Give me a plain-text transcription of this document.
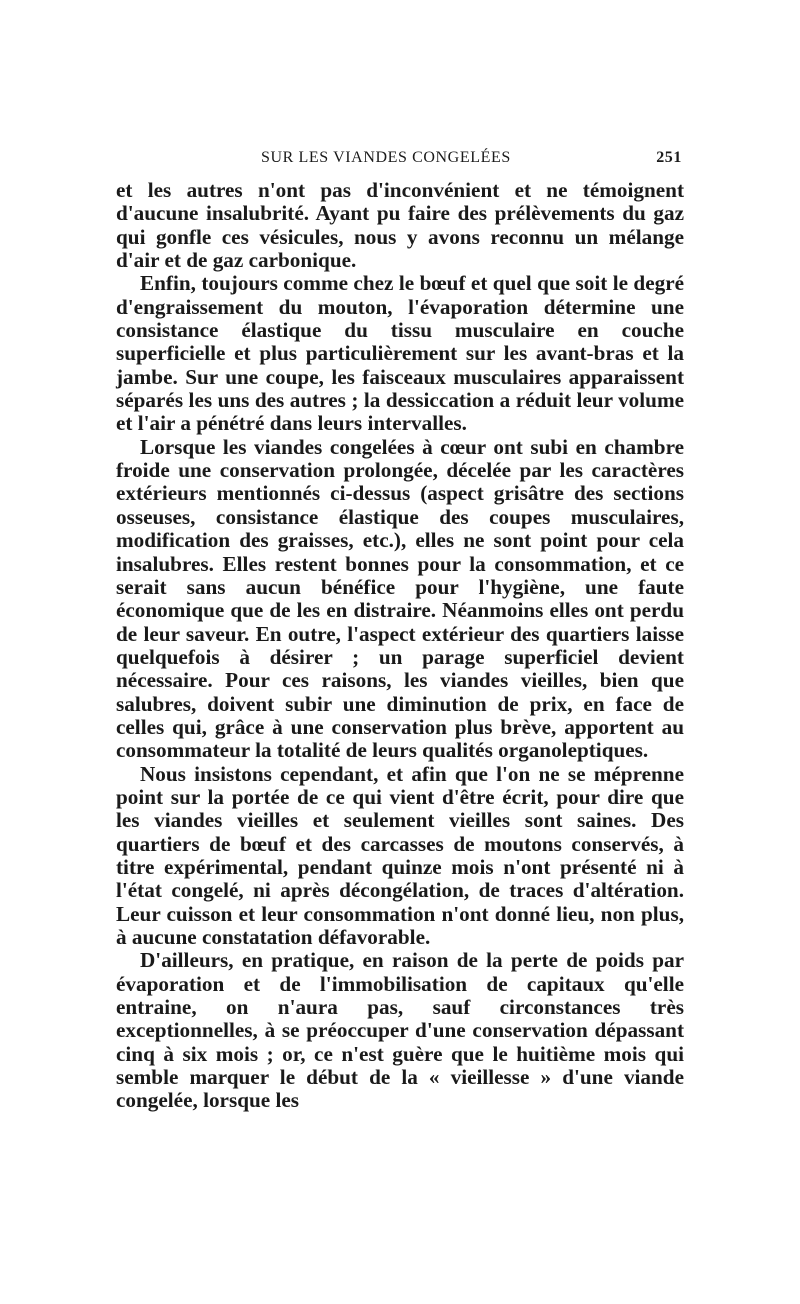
SUR LES VIANDES CONGELÉES	251

et les autres n'ont pas d'inconvénient et ne témoignent d'aucune insalubrité. Ayant pu faire des prélèvements du gaz qui gonfle ces vésicules, nous y avons reconnu un mélange d'air et de gaz carbonique.

Enfin, toujours comme chez le bœuf et quel que soit le degré d'engraissement du mouton, l'évaporation détermine une consistance élastique du tissu musculaire en couche superficielle et plus particulièrement sur les avant-bras et la jambe. Sur une coupe, les faisceaux musculaires apparaissent séparés les uns des autres ; la dessiccation a réduit leur volume et l'air a pénétré dans leurs intervalles.

Lorsque les viandes congelées à cœur ont subi en chambre froide une conservation prolongée, décelée par les caractères extérieurs mentionnés ci-dessus (aspect grisâtre des sections osseuses, consistance élastique des coupes musculaires, modification des graisses, etc.), elles ne sont point pour cela insalubres. Elles restent bonnes pour la consommation, et ce serait sans aucun bénéfice pour l'hygiène, une faute économique que de les en distraire. Néanmoins elles ont perdu de leur saveur. En outre, l'aspect extérieur des quartiers laisse quelquefois à désirer ; un parage superficiel devient nécessaire. Pour ces raisons, les viandes vieilles, bien que salubres, doivent subir une diminution de prix, en face de celles qui, grâce à une conservation plus brève, apportent au consommateur la totalité de leurs qualités organoleptiques.

Nous insistons cependant, et afin que l'on ne se méprenne point sur la portée de ce qui vient d'être écrit, pour dire que les viandes vieilles et seulement vieilles sont saines. Des quartiers de bœuf et des carcasses de moutons conservés, à titre expérimental, pendant quinze mois n'ont présenté ni à l'état congelé, ni après décongélation, de traces d'altération. Leur cuisson et leur consommation n'ont donné lieu, non plus, à aucune constatation défavorable.

D'ailleurs, en pratique, en raison de la perte de poids par évaporation et de l'immobilisation de capitaux qu'elle entraine, on n'aura pas, sauf circonstances très exceptionnelles, à se préoccuper d'une conservation dépassant cinq à six mois ; or, ce n'est guère que le huitième mois qui semble marquer le début de la « vieillesse » d'une viande congelée, lorsque les
